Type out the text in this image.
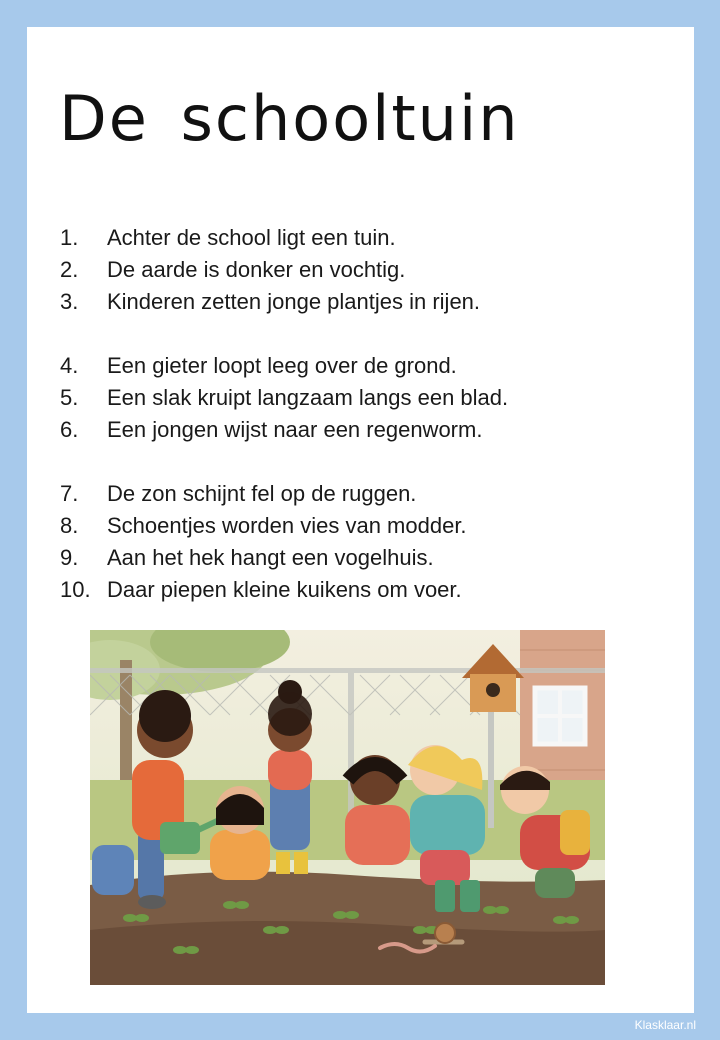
De schooltuin
1. Achter de school ligt een tuin.
2. De aarde is donker en vochtig.
3. Kinderen zetten jonge plantjes in rijen.
4. Een gieter loopt leeg over de grond.
5. Een slak kruipt langzaam langs een blad.
6. Een jongen wijst naar een regenworm.
7. De zon schijnt fel op de ruggen.
8. Schoentjes worden vies van modder.
9. Aan het hek hangt een vogelhuis.
10. Daar piepen kleine kuikens om voer.
Klasklaar.nl
